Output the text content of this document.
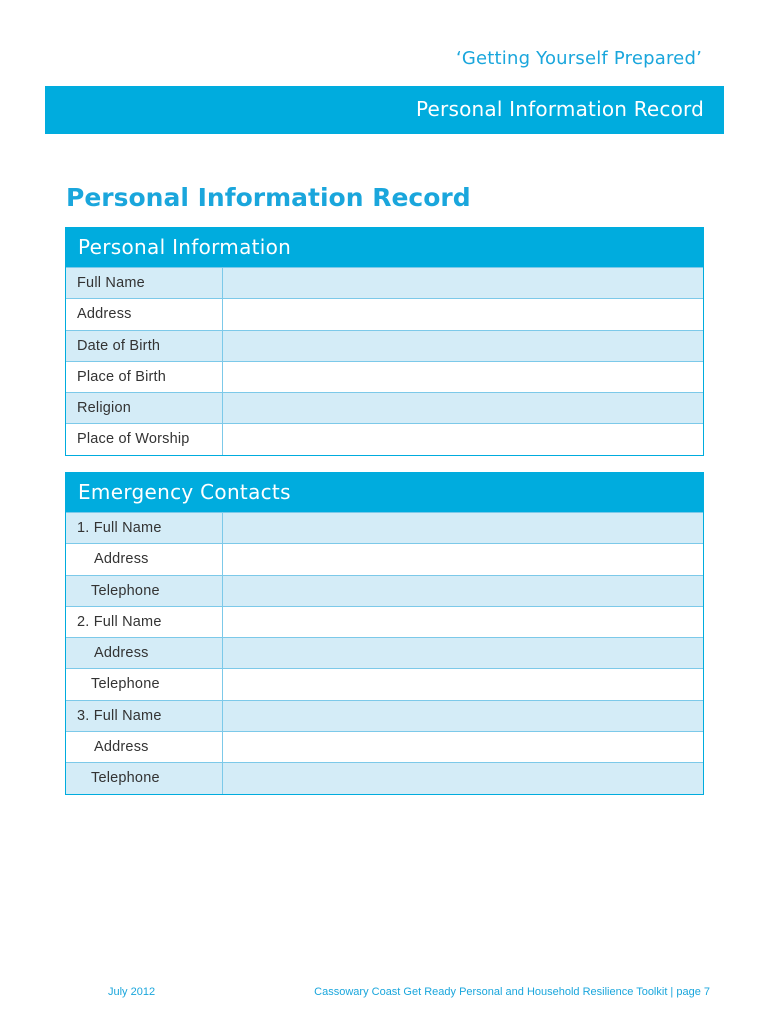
‘Getting Yourself Prepared’
Personal Information Record
Personal Information Record
Personal Information
Full Name
Address
Date of Birth
Place of Birth
Religion
Place of Worship
Emergency Contacts
1. Full Name
Address
Telephone
2. Full Name
Address
Telephone
3. Full Name
Address
Telephone
July 2012	Cassowary Coast Get Ready Personal and Household Resilience Toolkit | page 7
